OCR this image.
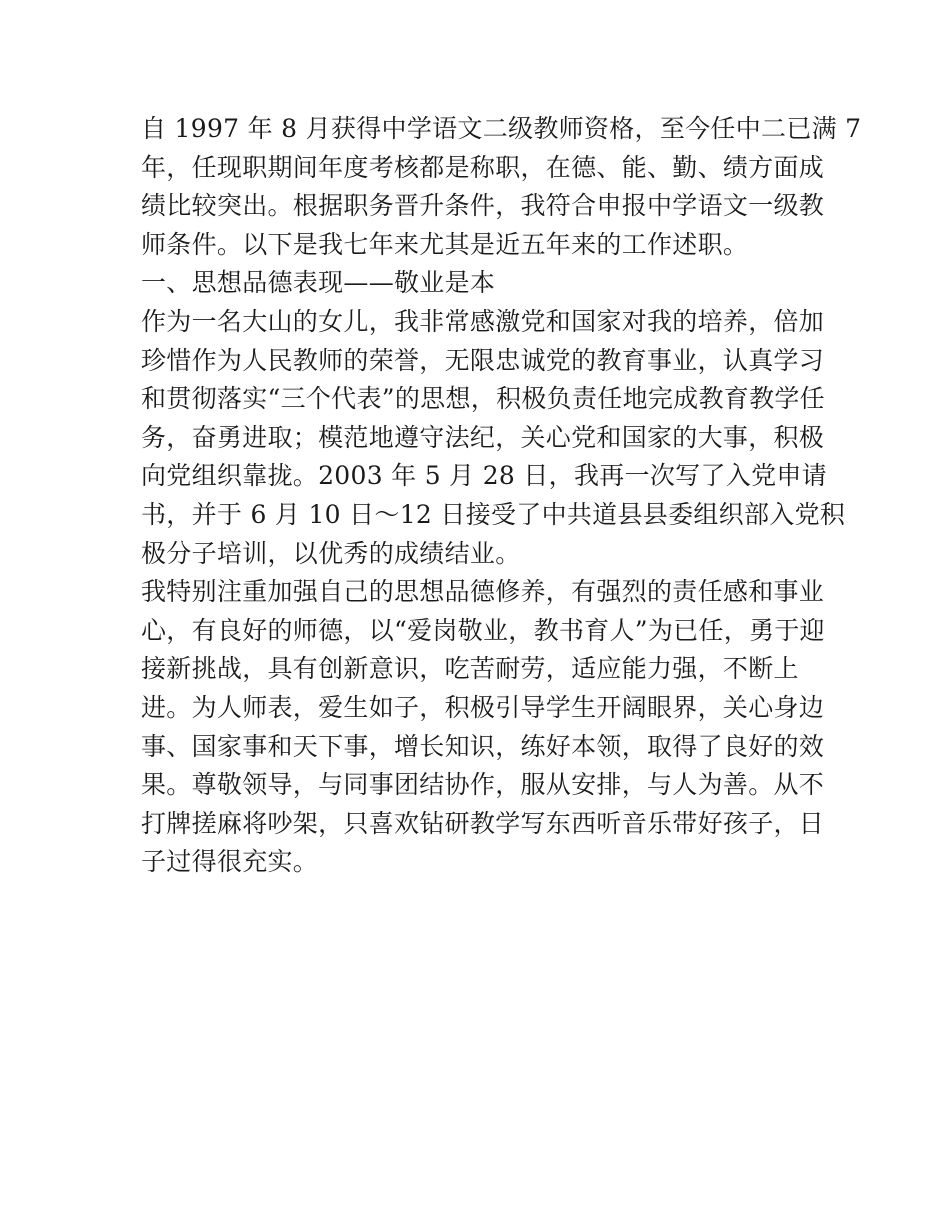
自 1997 年 8 月获得中学语文二级教师资格，至今任中二已满 7
年，任现职期间年度考核都是称职，在德、能、勤、绩方面成
绩比较突出。根据职务晋升条件，我符合申报中学语文一级教
师条件。以下是我七年来尤其是近五年来的工作述职。
一、思想品德表现——敬业是本
作为一名大山的女儿，我非常感激党和国家对我的培养，倍加
珍惜作为人民教师的荣誉，无限忠诚党的教育事业，认真学习
和贯彻落实“三个代表”的思想，积极负责任地完成教育教学任
务，奋勇进取；模范地遵守法纪，关心党和国家的大事，积极
向党组织靠拢。2003 年 5 月 28 日，我再一次写了入党申请
书，并于 6 月 10 日～12 日接受了中共道县县委组织部入党积
极分子培训，以优秀的成绩结业。
我特别注重加强自己的思想品德修养，有强烈的责任感和事业
心，有良好的师德，以“爱岗敬业，教书育人”为已任，勇于迎
接新挑战，具有创新意识，吃苦耐劳，适应能力强，不断上
进。为人师表，爱生如子，积极引导学生开阔眼界，关心身边
事、国家事和天下事，增长知识，练好本领，取得了良好的效
果。尊敬领导，与同事团结协作，服从安排，与人为善。从不
打牌搓麻将吵架，只喜欢钻研教学写东西听音乐带好孩子，日
子过得很充实。
